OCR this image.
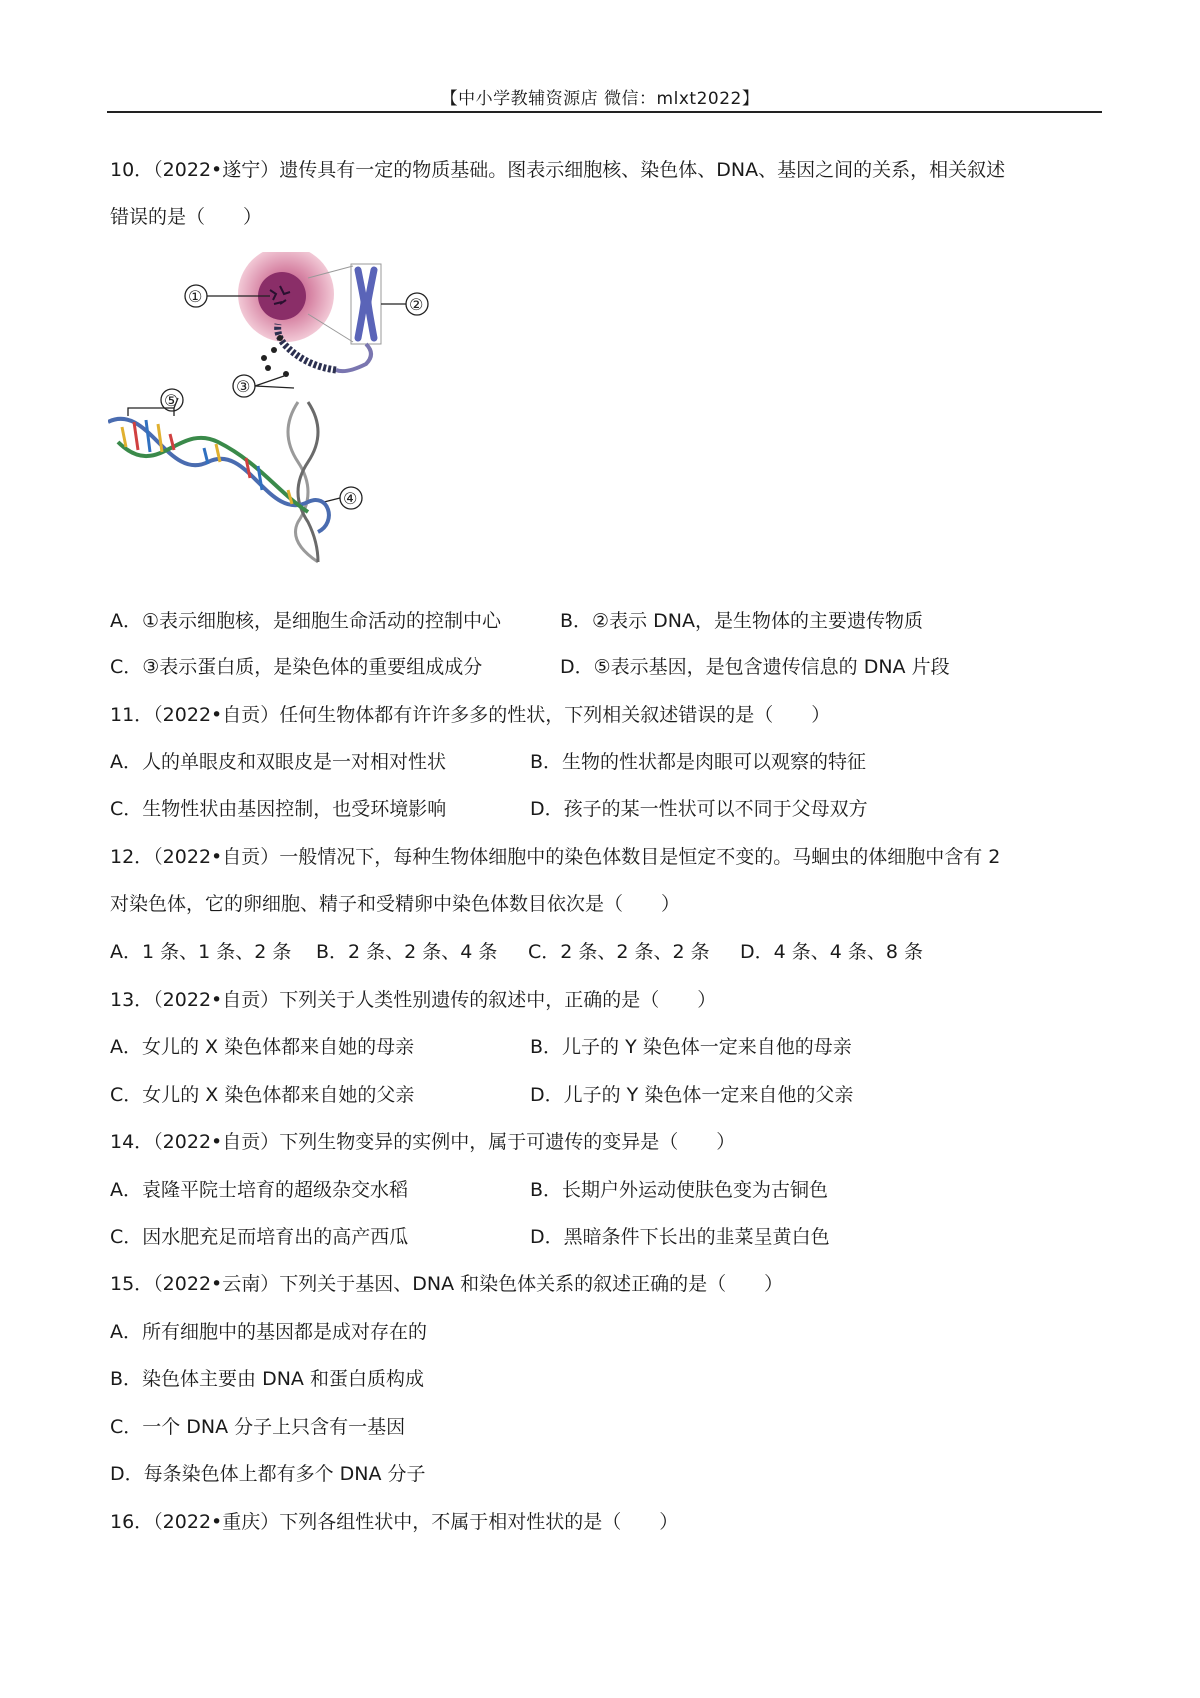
【中小学教辅资源店 微信：mlxt2022】
10．（2022•遂宁）遗传具有一定的物质基础。图表示细胞核、染色体、DNA、基因之间的关系，相关叙述
错误的是（　　）
①	②
③
④
⑤
A．①表示细胞核，是细胞生命活动的控制中心	B．②表示 DNA，是生物体的主要遗传物质
C．③表示蛋白质，是染色体的重要组成成分	D．⑤表示基因，是包含遗传信息的 DNA 片段
11．（2022•自贡）任何生物体都有许许多多的性状，下列相关叙述错误的是（　　）
A．人的单眼皮和双眼皮是一对相对性状	B．生物的性状都是肉眼可以观察的特征
C．生物性状由基因控制，也受环境影响	D．孩子的某一性状可以不同于父母双方
12．（2022•自贡）一般情况下，每种生物体细胞中的染色体数目是恒定不变的。马蛔虫的体细胞中含有 2
对染色体，它的卵细胞、精子和受精卵中染色体数目依次是（　　）
A．1 条、1 条、2 条 B．2 条、2 条、4 条 C．2 条、2 条、2 条 D．4 条、4 条、8 条
13．（2022•自贡）下列关于人类性别遗传的叙述中，正确的是（　　）
A．女儿的 X 染色体都来自她的母亲	B．儿子的 Y 染色体一定来自他的母亲
C．女儿的 X 染色体都来自她的父亲	D．儿子的 Y 染色体一定来自他的父亲
14．（2022•自贡）下列生物变异的实例中，属于可遗传的变异是（　　）
A．袁隆平院士培育的超级杂交水稻	B．长期户外运动使肤色变为古铜色
C．因水肥充足而培育出的高产西瓜	D．黑暗条件下长出的韭菜呈黄白色
15．（2022•云南）下列关于基因、DNA 和染色体关系的叙述正确的是（　　）
A．所有细胞中的基因都是成对存在的
B．染色体主要由 DNA 和蛋白质构成
C．一个 DNA 分子上只含有一基因
D．每条染色体上都有多个 DNA 分子
16．（2022•重庆）下列各组性状中，不属于相对性状的是（　　）
